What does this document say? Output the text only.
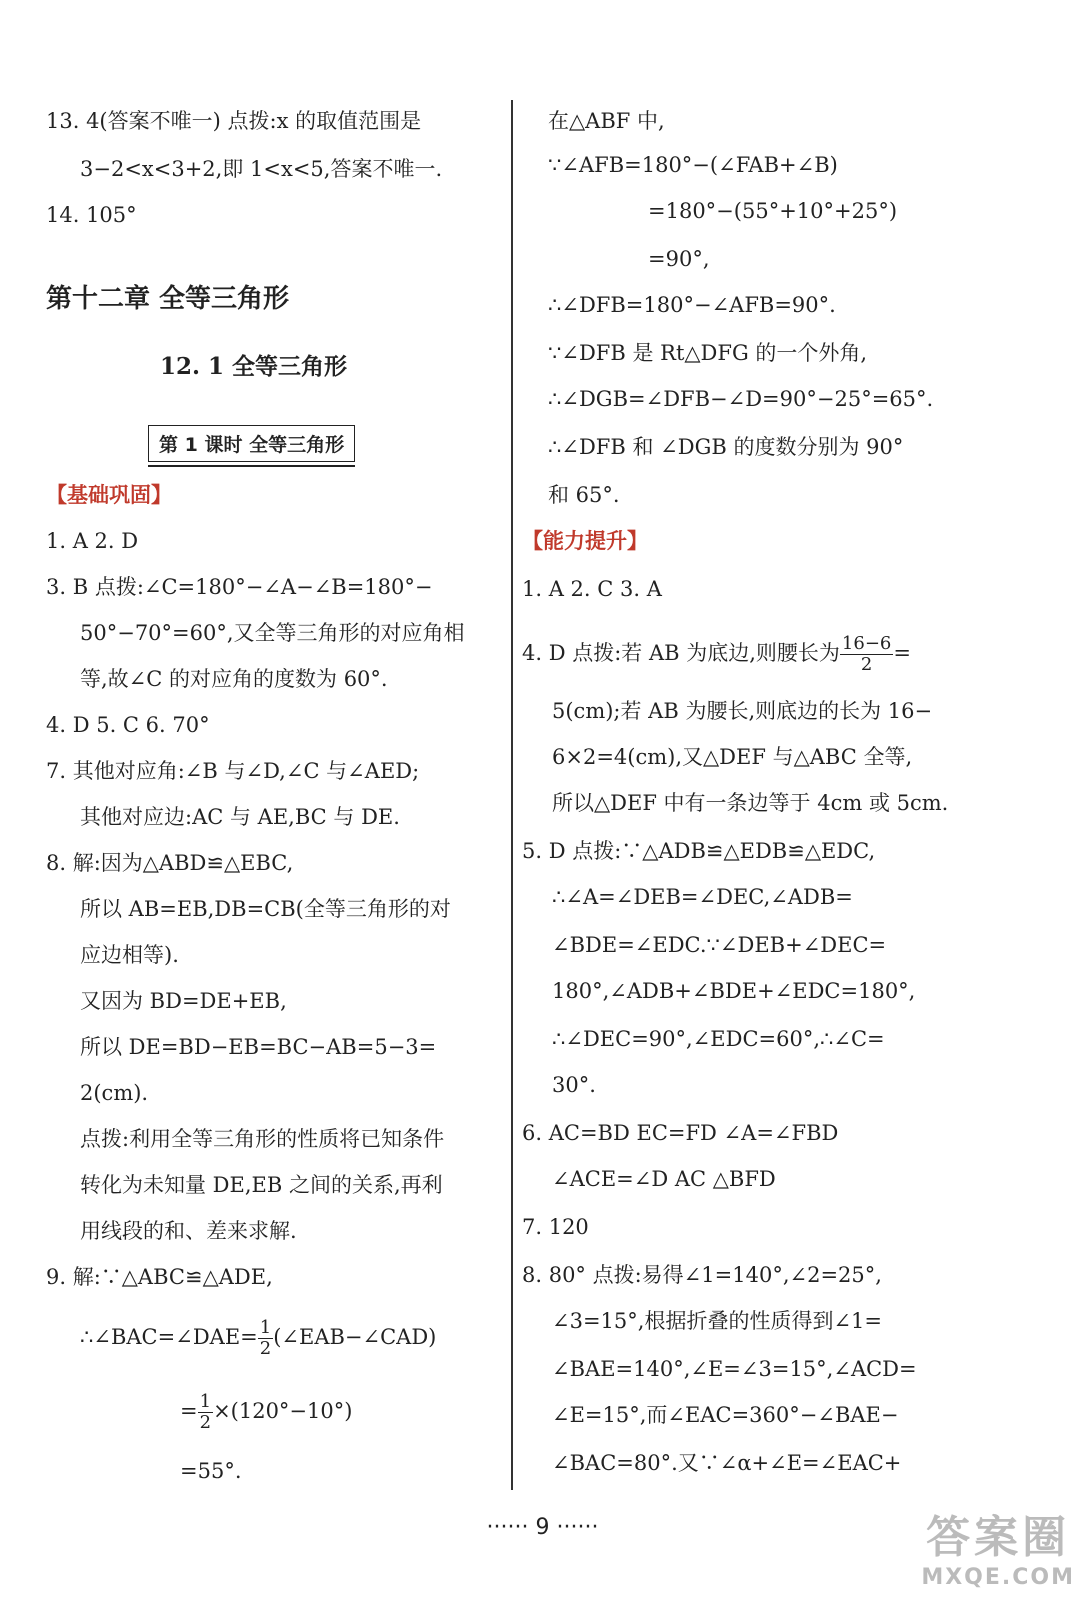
13. 4(答案不唯一) 点拨:x 的取值范围是
3−2<x<3+2,即 1<x<5,答案不唯一.
14. 105°
1. A 2. D
3. B 点拨:∠C=180°−∠A−∠B=180°−
50°−70°=60°,又全等三角形的对应角相
等,故∠C 的对应角的度数为 60°.
4. D 5. C 6. 70°
7. 其他对应角:∠B 与∠D,∠C 与∠AED;
其他对应边:AC 与 AE,BC 与 DE.
8. 解:因为△ABD≌△EBC,
所以 AB=EB,DB=CB(全等三角形的对
应边相等).
又因为 BD=DE+EB,
所以 DE=BD−EB=BC−AB=5−3=
2(cm).
点拨:利用全等三角形的性质将已知条件
转化为未知量 DE,EB 之间的关系,再利
用线段的和、差来求解.
9. 解:∵△ABC≌△ADE,
在△ABF 中,
∵∠AFB=180°−(∠FAB+∠B)
=180°−(55°+10°+25°)
=90°,
∴∠DFB=180°−∠AFB=90°.
∵∠DFB 是 Rt△DFG 的一个外角,
∴∠DGB=∠DFB−∠D=90°−25°=65°.
∴∠DFB 和 ∠DGB 的度数分别为 90°
和 65°.
1. A 2. C 3. A
5(cm);若 AB 为腰长,则底边的长为 16−
6×2=4(cm),又△DEF 与△ABC 全等,
所以△DEF 中有一条边等于 4cm 或 5cm.
5. D 点拨:∵△ADB≌△EDB≌△EDC,
∴∠A=∠DEB=∠DEC,∠ADB=
∠BDE=∠EDC.∵∠DEB+∠DEC=
180°,∠ADB+∠BDE+∠EDC=180°,
∴∠DEC=90°,∠EDC=60°,∴∠C=
30°.
6. AC=BD EC=FD ∠A=∠FBD
∠ACE=∠D AC △BFD
7. 120
8. 80° 点拨:易得∠1=140°,∠2=25°,
∠3=15°,根据折叠的性质得到∠1=
∠BAE=140°,∠E=∠3=15°,∠ACD=
∠E=15°,而∠EAC=360°−∠BAE−
∠BAC=80°.又∵∠α+∠E=∠EAC+
第十二章 全等三角形
12. 1 全等三角形
第 1 课时 全等三角形
【基础巩固】
【能力提升】
∴∠BAC=∠DAE= $\frac{1}{2}$ (∠EAB−∠CAD)
= $\frac{1}{2} \times(120^\circ-10^\circ)$
=55°.
4. D 点拨:若 AB 为底边,则腰长为 $\frac{16-6}{2}$ =
······ 9 ······	答案圈
MXQE.COM
